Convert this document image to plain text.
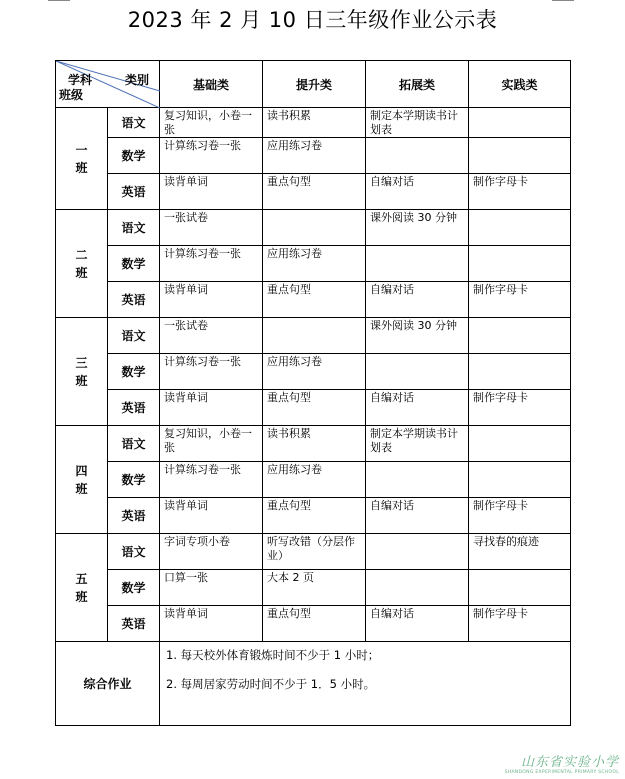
2023 年 2 月 10 日三年级作业公示表
学科 类别
班级		基础类	提升类	拓展类	实践类

一
班	语文	复习知识，小卷一张	读书积累	制定本学期读书计划表	
	数学	计算练习卷一张	应用练习卷		
	英语	读背单词	重点句型	自编对话	制作字母卡

二
班	语文	一张试卷		课外阅读 30 分钟	
	数学	计算练习卷一张	应用练习卷		
	英语	读背单词	重点句型	自编对话	制作字母卡

三
班	语文	一张试卷		课外阅读 30 分钟	
	数学	计算练习卷一张	应用练习卷		
	英语	读背单词	重点句型	自编对话	制作字母卡

四
班	语文	复习知识，小卷一张	读书积累	制定本学期读书计划表	
	数学	计算练习卷一张	应用练习卷		
	英语	读背单词	重点句型	自编对话	制作字母卡

五
班	语文	字词专项小卷	听写改错（分层作业）		寻找春的痕迹
	数学	口算一张	大本 2 页		
	英语	读背单词	重点句型	自编对话	制作字母卡
综合作业		1. 每天校外体育锻炼时间不少于 1 小时；
2. 每周居家劳动时间不少于 1．5 小时。			
山东省实验小学
SHANDONG EXPERIMENTAL PRIMARY SCHOOL
